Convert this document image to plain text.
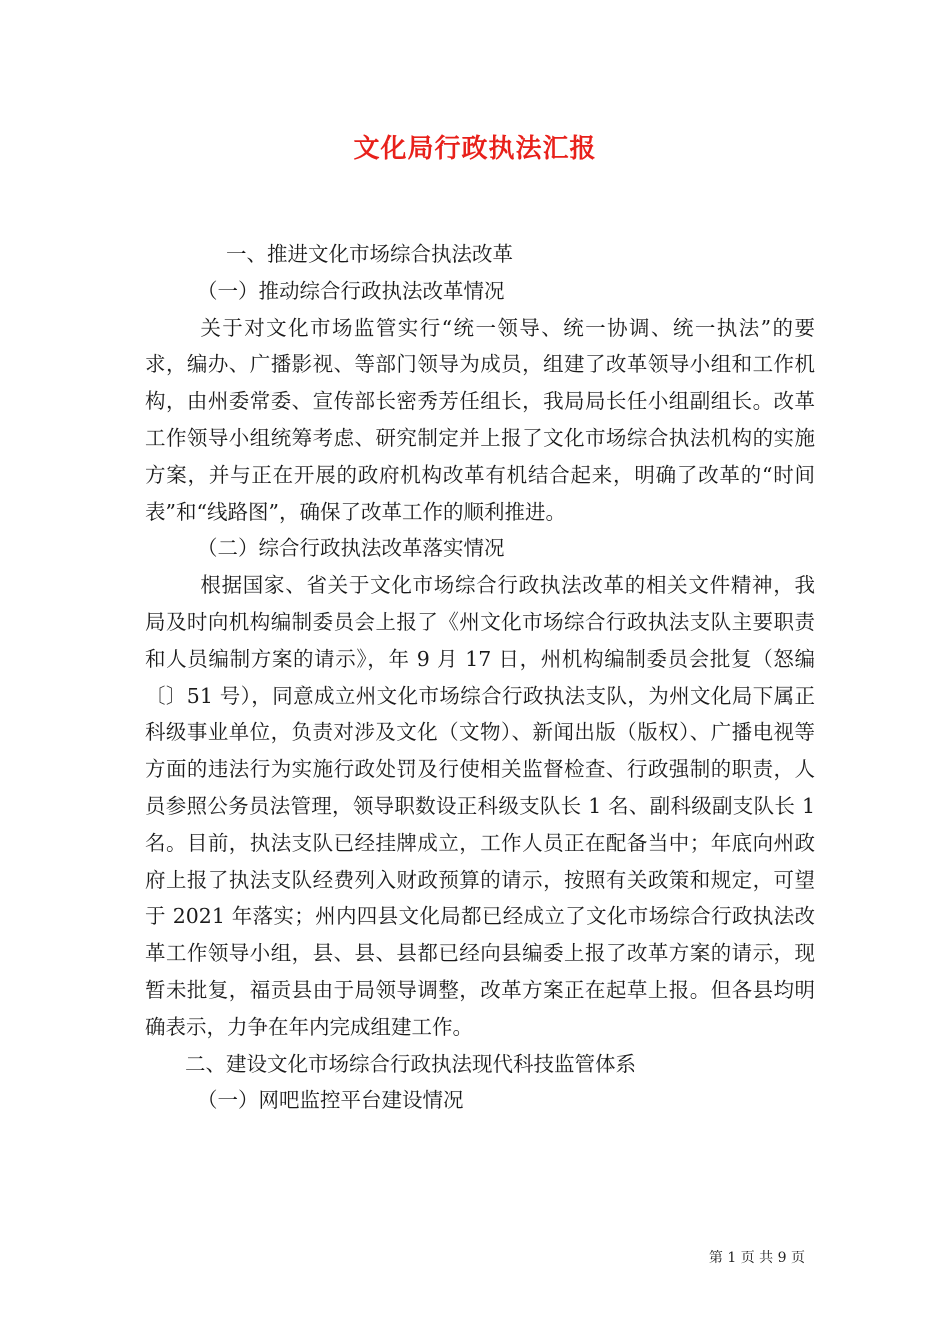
文化局行政执法汇报

一、推进文化市场综合执法改革

（一）推动综合行政执法改革情况

关于对文化市场监管实行“统一领导、统一协调、统一执法”的要求，编办、广播影视、等部门领导为成员，组建了改革领导小组和工作机构，由州委常委、宣传部长密秀芳任组长，我局局长任小组副组长。改革工作领导小组统筹考虑、研究制定并上报了文化市场综合执法机构的实施方案，并与正在开展的政府机构改革有机结合起来，明确了改革的“时间表”和“线路图”，确保了改革工作的顺利推进。

（二）综合行政执法改革落实情况

根据国家、省关于文化市场综合行政执法改革的相关文件精神，我局及时向机构编制委员会上报了《州文化市场综合行政执法支队主要职责和人员编制方案的请示》，年 9 月 17 日，州机构编制委员会批复（怒编〔〕51 号），同意成立州文化市场综合行政执法支队，为州文化局下属正科级事业单位，负责对涉及文化（文物）、新闻出版（版权）、广播电视等方面的违法行为实施行政处罚及行使相关监督检查、行政强制的职责，人员参照公务员法管理，领导职数设正科级支队长 1 名、副科级副支队长 1 名。目前，执法支队已经挂牌成立，工作人员正在配备当中；年底向州政府上报了执法支队经费列入财政预算的请示，按照有关政策和规定，可望于 2021 年落实；州内四县文化局都已经成立了文化市场综合行政执法改革工作领导小组，县、县、县都已经向县编委上报了改革方案的请示，现暂未批复，福贡县由于局领导调整，改革方案正在起草上报。但各县均明确表示，力争在年内完成组建工作。

二、建设文化市场综合行政执法现代科技监管体系

（一）网吧监控平台建设情况

第 1 页 共 9 页
